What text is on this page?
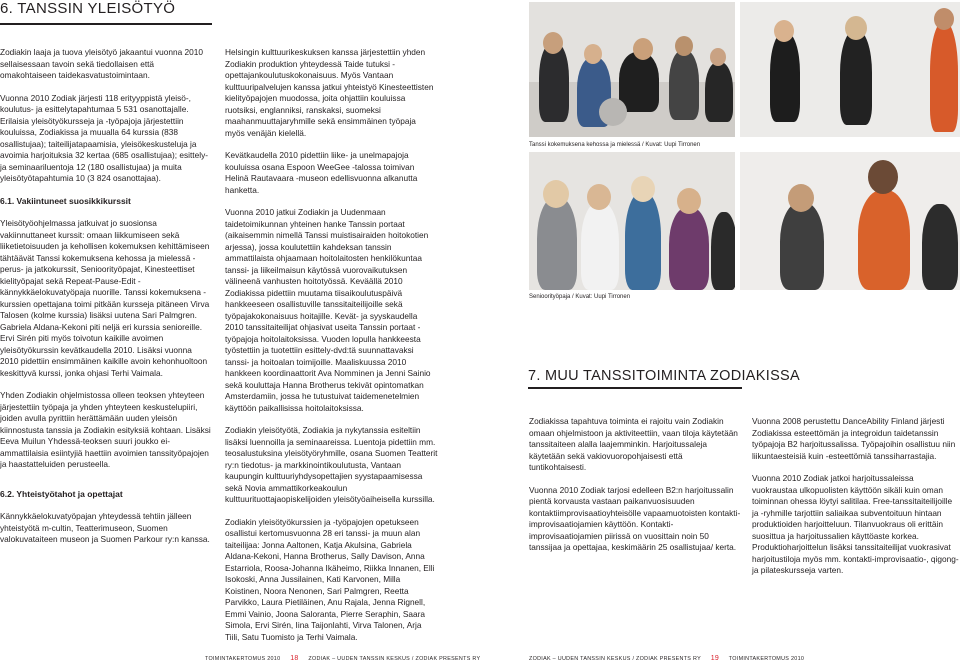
6. TANSSIN YLEISÖTYÖ

Zodiakin laaja ja tuova yleisötyö jakaantui vuonna 2010 sellaisessaan tavoin sekä tiedollaisen että omakohtaiseen taidekasvatustoimintaan.

Vuonna 2010 Zodiak järjesti 118 erityyppistä yleisö-, koulutus- ja esittelytapahtumaa 5 531 osanottajalle. Erilaisia yleisötyökursseja ja -työpajoja järjestettiin kouluissa, Zodiakissa ja muualla 64 kurssia (838 osallistujaa); taiteilijatapaamisia, yleisökeskusteluja ja avoimia harjoituksia 32 kertaa (685 osallistujaa); esittely- ja seminaariluentoja 12 (180 osallistujaa) ja muita yleisötyötapahtumia 10 (3 824 osanottajaa).

6.1. Vakiintuneet suosikkikurssit

Yleisötyöohjelmassa jatkuivat jo suosionsa vakiinnuttaneet kurssit: omaan liikkumiseen sekä liiketietoisuuden ja kehollisen kokemuksen kehittämiseen tähtäävät Tanssi kokemuksena kehossa ja mielessä -perus- ja jatkokurssit, Senioorityöpajat, Kinesteettiset kielityöpajat sekä Repeat-Pause-Edit -kännykkäelokuvatyöpaja nuorille. Tanssi kokemuksena -kurssien opettajana toimi pitkään kursseja pitäneen Virva Talosen (kolme kurssia) lisäksi uutena Sari Palmgren. Gabriela Aldana-Kekoni piti neljä eri kurssia senioreille. Ervi Sirén piti myös toivotun kaikille avoimen yleisötyökurssin kevätkaudella 2010. Lisäksi vuonna 2010 pidettiin ensimmäinen kaikille avoin kehonhuoltoon keskittyvä kurssi, jonka ohjasi Terhi Vaimala.

Yhden Zodiakin ohjelmistossa olleen teoksen yhteyteen järjestettiin työpaja ja yhden yhteyteen keskustelupiiri, joiden avulla pyrittiin herättämään uuden yleisön kiinnostusta tanssia ja Zodiakin esityksiä kohtaan. Lisäksi Eeva Muilun Yhdessä-teoksen suuri joukko ei-ammattilaisia esiintyjiä haettiin avoimien tanssityöpajojen ja haastatteluiden perusteella.

6.2. Yhteistyötahot ja opettajat

Kännykkäelokuvatyöpajan yhteydessä tehtiin jälleen yhteistyötä m-cultin, Teatterimuseon, Suomen valokuvataiteen museon ja Suomen Parkour ry:n kanssa.

Helsingin kulttuurikeskuksen kanssa järjestettiin yhden Zodiakin produktion yhteydessä Taide tutuksi -opettajankoulutuskokonaisuus. Myös Vantaan kulttuuripalvelujen kanssa jatkui yhteistyö Kinesteettisten kielityöpajojen muodossa, joita ohjattiin kouluissa ruotsiksi, englanniksi, ranskaksi, suomeksi maahanmuuttajaryhmille sekä ensimmäinen työpaja myös venäjän kielellä.

Kevätkaudella 2010 pidettiin liike- ja unelmapajoja kouluissa osana Espoon WeeGee -talossa toimivan Helinä Rautavaara -museon edellisvuonna alkanutta hanketta.

Vuonna 2010 jatkui Zodiakin ja Uudenmaan taidetoimikunnan yhteinen hanke Tanssin portaat (aikaisemmin nimellä Tanssi muistisairaiden hoitokotien arjessa), jossa koulutettiin kahdeksan tanssin ammattilaista ohjaamaan hoitolaitosten henkilökuntaa tanssi- ja liikeilmaisun käytössä vuorovaikutuksen välineenä vanhusten hoitotyössä. Keväällä 2010 Zodiakissa pidettiin muutama tiisaikoulutuspäivä hankkeeseen osallistuville tanssitaiteilijoille sekä työpajakokonaisuus hoitajille. Kevät- ja syyskaudella 2010 tanssitaiteilijat ohjasivat useita Tanssin portaat -työpajoja hoitolaitoksissa. Vuoden lopulla hankkeesta työstettiin ja tuotettiin esittely-dvd:tä suunnattavaksi tanssi- ja hoitoalan toimijoille. Maaliskuussa 2010 hankkeen koordinaattorit Ava Nomminen ja Jenni Sainio sekä kouluttaja Hanna Brotherus tekivät opintomatkan Amsterdamiin, jossa he tutustuivat taidemenetelmien käyttöön paikallisissa hoitolaitoksissa.

Zodiakin yleisötyötä, Zodiakia ja nykytanssia esiteltiin lisäksi luennoilla ja seminaareissa. Luentoja pidettiin mm. teosalustuksina yleisötyöryhmille, osana Suomen Teatterit ry:n tiedotus- ja markkinointikoulutusta, Vantaan kaupungin kulttuuriyhdysopettajien syystapaamisessa sekä Novia ammattikorkeakoulun kulttuurituottajaopiskelijoiden yleisötyöaiheisella kurssilla.

Zodiakin yleisötyökurssien ja -työpajojen opetukseen osallistui kertomusvuonna 28 eri tanssi- ja muun alan taiteilijaa: Jonna Aaltonen, Katja Akulsina, Gabriela Aldana-Kekoni, Hanna Brotherus, Sally Davison, Anna Estarriola, Roosa-Johanna Ikäheimo, Riikka Innanen, Elli Isokoski, Anna Jussilainen, Kati Karvonen, Milla Koistinen, Noora Nenonen, Sari Palmgren, Reetta Parvikko, Laura Pietiläinen, Anu Rajala, Jenna Rignell, Emmi Vainio, Joona Saloranta, Pierre Seraphin, Saara Simola, Ervi Sirén, Iina Taijonlahti, Virva Talonen, Arja Tiili, Satu Tuomisto ja Terhi Vaimala.

TOIMINTAKERTOMUS 2010 18 ZODIAK – UUDEN TANSSIN KESKUS / ZODIAK PRESENTS RY
Tanssi kokemuksena kehossa ja mielessä / Kuvat: Uupi Tirronen
Senioorityöpaja / Kuvat: Uupi Tirronen
7. MUU TANSSITOIMINTA ZODIAKISSA

Zodiakissa tapahtuva toiminta ei rajoitu vain Zodiakin omaan ohjelmistoon ja aktiviteettiin, vaan tiloja käytetään tanssitaiteen alalla laajemminkin. Harjoitussaleja käytetään sekä vakiovuoropohjaisesti että tuntikohtaisesti.

Vuonna 2010 Zodiak tarjosi edelleen B2:n harjoitussalin pientä korvausta vastaan paikanvuosisuuden kontaktiimprovisaatioyhteisölle vapaamuotoisten kontakti-improvisaatiojamien käyttöön. Kontakti-improvisaatiojamien piirissä on vuosittain noin 50 tanssijaa ja opettajaa, keskimäärin 25 osallistujaa/ kerta.

Vuonna 2008 perustettu DanceAbility Finland järjesti Zodiakissa esteettömän ja integroidun taidetanssin työpajoja B2 harjoitussalissa. Työpajoihin osallistuu niin liikuntaesteisiä kuin -esteettömiä tanssiharrastajia.

Vuonna 2010 Zodiak jatkoi harjoitussaleissa vuokraustaa ulkopuolisten käyttöön sikäli kuin oman toiminnan ohessa löytyi salitilaa. Free-tanssitaiteilijoille ja -ryhmille tarjottiin saliaikaa subventoituun hintaan produktioiden harjoitteluun. Tilanvuokraus oli erittäin suosittua ja harjoitussalien käyttöaste korkea. Produktioharjoittelun lisäksi tanssitaiteilijat vuokrasivat harjoitustiloja myös mm. kontakti-improvisaatio-, qigong- ja pilateskursseja varten.

ZODIAK – UUDEN TANSSIN KESKUS / ZODIAK PRESENTS RY 19 TOIMINTAKERTOMUS 2010
